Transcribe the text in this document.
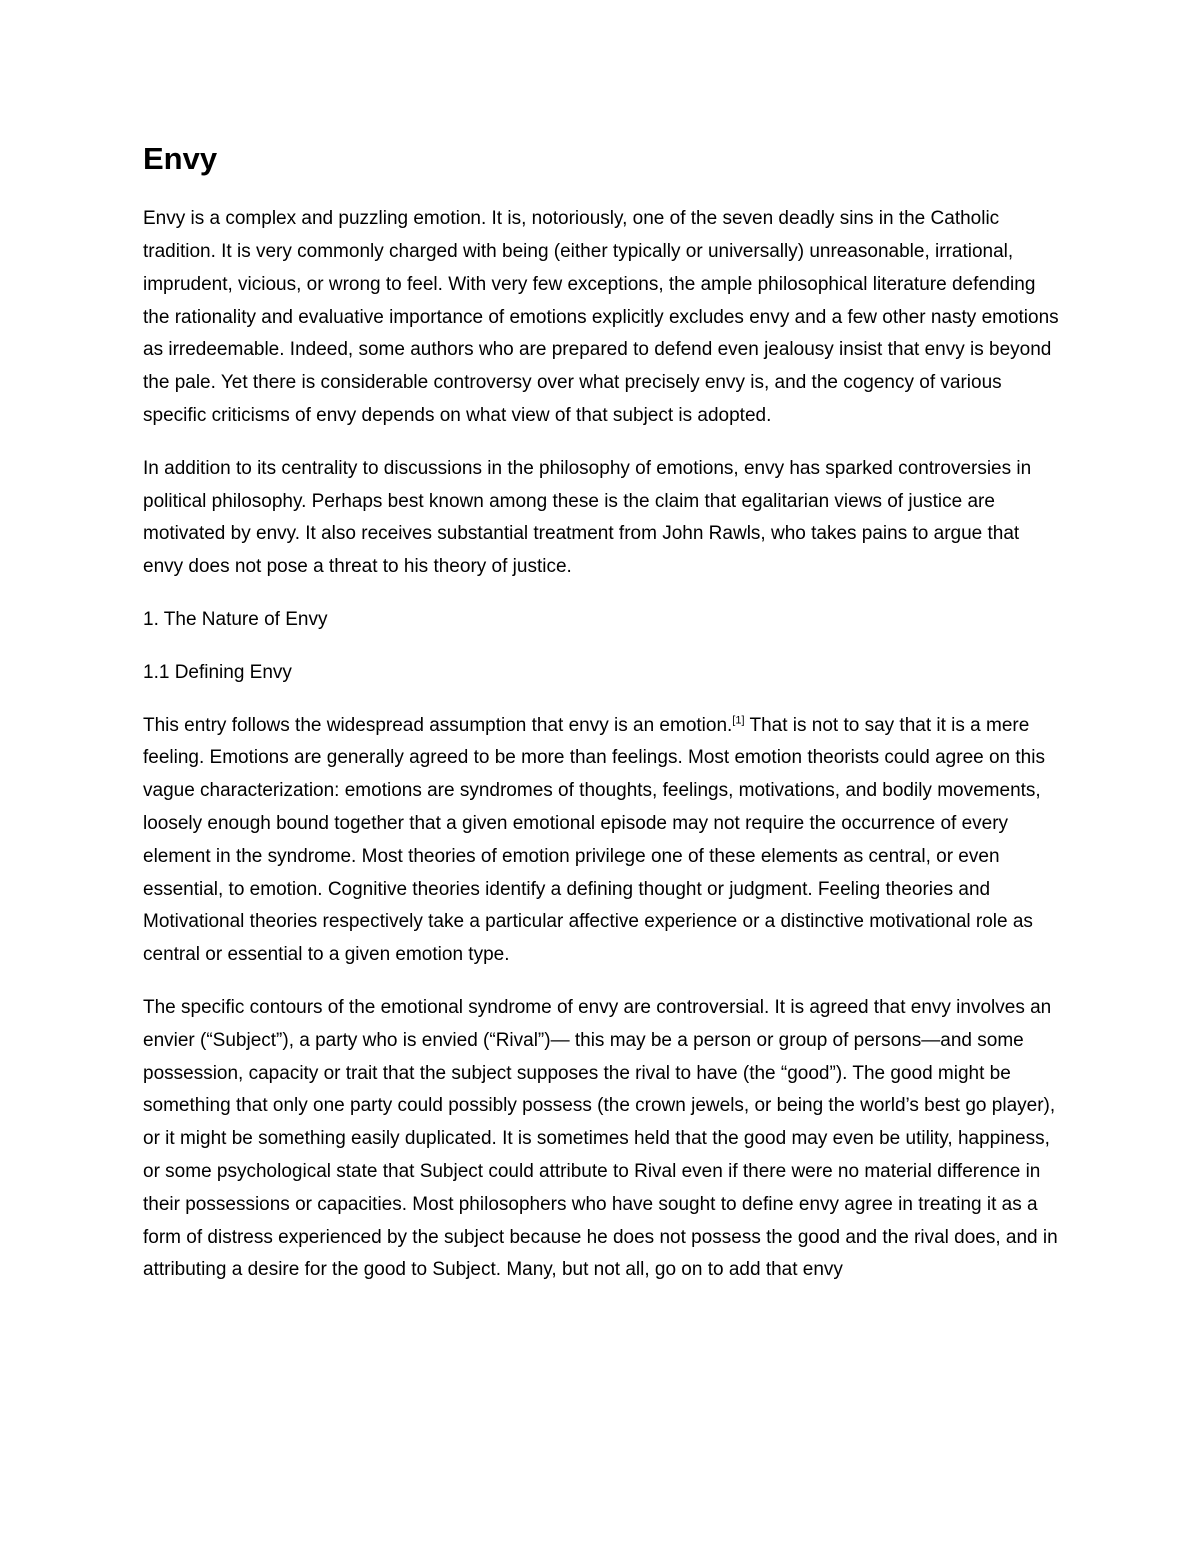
Envy

Envy is a complex and puzzling emotion. It is, notoriously, one of the seven deadly sins in the Catholic tradition. It is very commonly charged with being (either typically or universally) unreasonable, irrational, imprudent, vicious, or wrong to feel. With very few exceptions, the ample philosophical literature defending the rationality and evaluative importance of emotions explicitly excludes envy and a few other nasty emotions as irredeemable. Indeed, some authors who are prepared to defend even jealousy insist that envy is beyond the pale. Yet there is considerable controversy over what precisely envy is, and the cogency of various specific criticisms of envy depends on what view of that subject is adopted.

In addition to its centrality to discussions in the philosophy of emotions, envy has sparked controversies in political philosophy. Perhaps best known among these is the claim that egalitarian views of justice are motivated by envy. It also receives substantial treatment from John Rawls, who takes pains to argue that envy does not pose a threat to his theory of justice.

1. The Nature of Envy

1.1 Defining Envy

This entry follows the widespread assumption that envy is an emotion.[1] That is not to say that it is a mere feeling. Emotions are generally agreed to be more than feelings. Most emotion theorists could agree on this vague characterization: emotions are syndromes of thoughts, feelings, motivations, and bodily movements, loosely enough bound together that a given emotional episode may not require the occurrence of every element in the syndrome. Most theories of emotion privilege one of these elements as central, or even essential, to emotion. Cognitive theories identify a defining thought or judgment. Feeling theories and Motivational theories respectively take a particular affective experience or a distinctive motivational role as central or essential to a given emotion type.

The specific contours of the emotional syndrome of envy are controversial. It is agreed that envy involves an envier (“Subject”), a party who is envied (“Rival”)— this may be a person or group of persons—and some possession, capacity or trait that the subject supposes the rival to have (the “good”). The good might be something that only one party could possibly possess (the crown jewels, or being the world’s best go player), or it might be something easily duplicated. It is sometimes held that the good may even be utility, happiness, or some psychological state that Subject could attribute to Rival even if there were no material difference in their possessions or capacities. Most philosophers who have sought to define envy agree in treating it as a form of distress experienced by the subject because he does not possess the good and the rival does, and in attributing a desire for the good to Subject. Many, but not all, go on to add that envy
